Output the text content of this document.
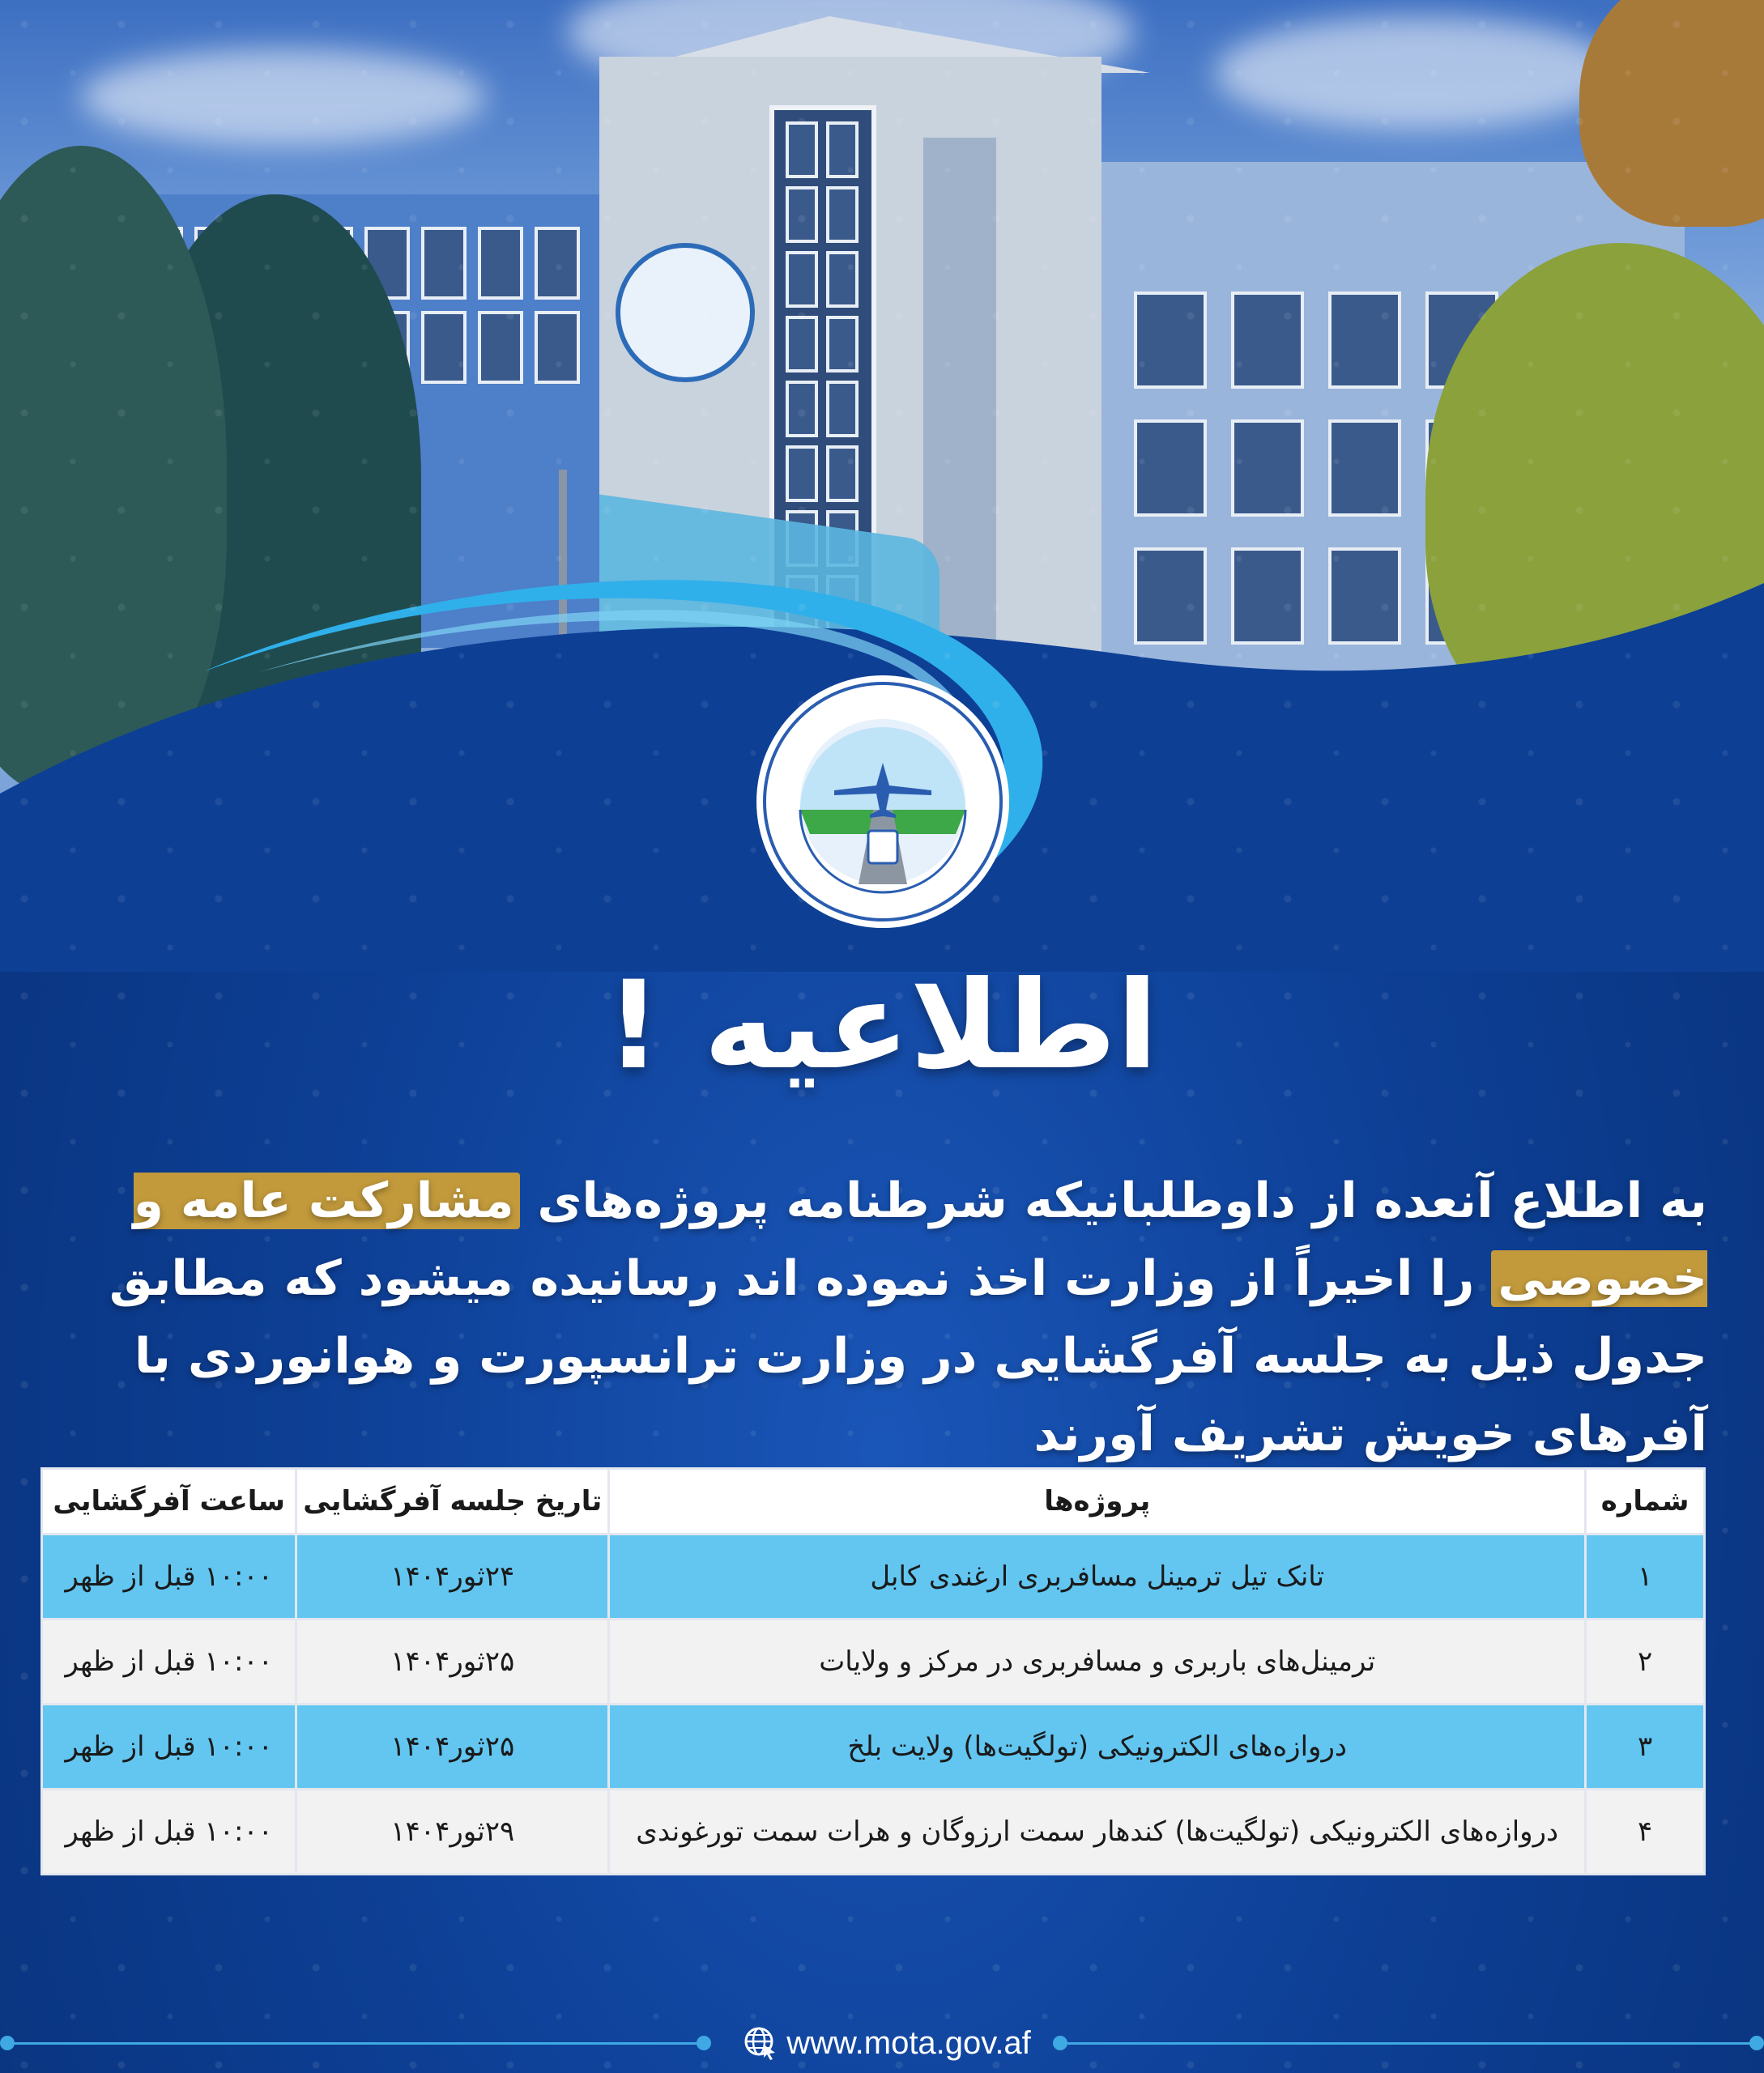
اطلاعیه !
به اطلاع آنعده از داوطلبانیکه شرطنامه پروژه‌های مشارکت عامه و خصوصی را اخیراً از وزارت اخذ نموده اند رسانیده میشود که مطابق جدول ذیل به جلسه آفرگشایی در وزارت ترانسپورت و هوانوردی با آفرهای خویش تشریف آورند
شماره	پروژه‌ها	تاریخ جلسه آفرگشایی	ساعت آفرگشایی
۱	تانک تیل ترمینل مسافربری ارغندی کابل	۲۴ثور۱۴۰۴	۱۰:۰۰ قبل از ظهر
۲	ترمینل‌های باربری و مسافربری در مرکز و ولایات	۲۵ثور۱۴۰۴	۱۰:۰۰ قبل از ظهر
۳	دروازه‌های الکترونیکی (تولگیت‌ها) ولایت بلخ	۲۵ثور۱۴۰۴	۱۰:۰۰ قبل از ظهر
۴	دروازه‌های الکترونیکی (تولگیت‌ها) کندهار سمت ارزوگان و هرات سمت تورغوندی	۲۹ثور۱۴۰۴	۱۰:۰۰ قبل از ظهر
www.mota.gov.af
